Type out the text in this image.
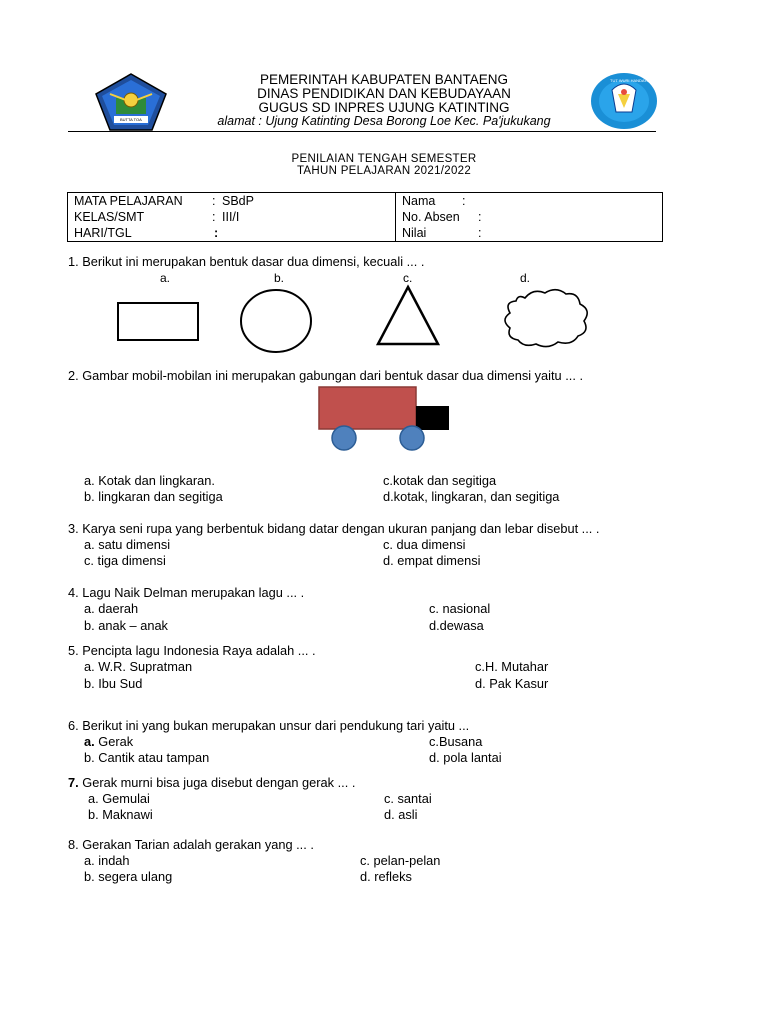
BUTTA TOA
PEMERINTAH KABUPATEN BANTAENG
DINAS PENDIDIKAN DAN KEBUDAYAAN
GUGUS SD INPRES UJUNG KATINTING
alamat : Ujung Katinting Desa Borong Loe Kec. Pa'jukukang
TUT WURI HANDAYANI
PENILAIAN TENGAH SEMESTER
TAHUN PELAJARAN 2021/2022
MATA PELAJARAN	: SBdP
KELAS/SMT	: III/I
HARI/TGL	:

Nama	:
No. Absen	:
Nilai	:
1. Berikut ini merupakan bentuk dasar dua dimensi, kecuali ... .
a.	b.	c.	d.
2. Gambar mobil-mobilan ini merupakan gabungan dari bentuk dasar dua dimensi yaitu ... .
a. Kotak dan lingkaran.	c.kotak dan segitiga
b. lingkaran dan segitiga	d.kotak, lingkaran, dan segitiga
3. Karya seni rupa yang berbentuk bidang datar dengan ukuran panjang dan lebar disebut ... .
a. satu dimensi	c. dua dimensi
c. tiga dimensi	d. empat dimensi
4. Lagu Naik Delman merupakan lagu ... .
a. daerah	c. nasional
b. anak – anak	d.dewasa
5. Pencipta lagu Indonesia Raya adalah ... .
a. W.R. Supratman	c.H. Mutahar
b. Ibu Sud	d. Pak Kasur
6. Berikut ini yang bukan merupakan unsur dari pendukung tari yaitu ...
a. Gerak	c.Busana
b. Cantik atau tampan	d. pola lantai
7. Gerak murni bisa juga disebut dengan gerak ... .
a. Gemulai	c. santai
b. Maknawi	d. asli
8. Gerakan Tarian adalah gerakan yang ... .
a. indah	c. pelan-pelan
b. segera ulang	d. refleks
